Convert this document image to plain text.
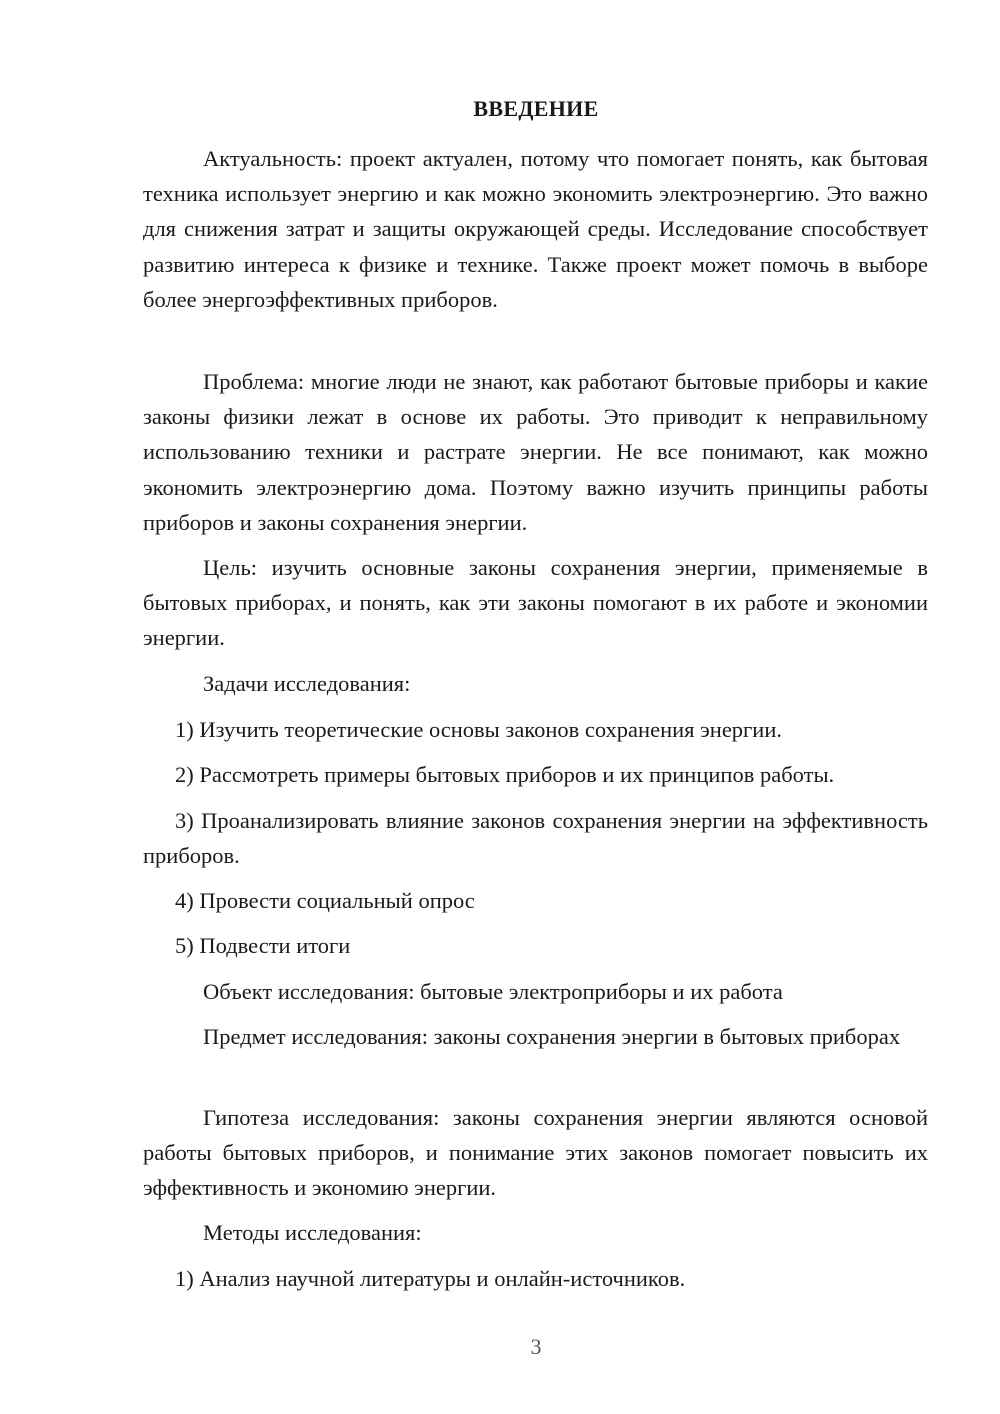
ВВЕДЕНИЕ

Актуальность: проект актуален, потому что помогает понять, как бытовая техника использует энергию и как можно экономить электроэнергию. Это важно для снижения затрат и защиты окружающей среды. Исследование способствует развитию интереса к физике и технике. Также проект может помочь в выборе более энергоэффективных приборов.

Проблема: многие люди не знают, как работают бытовые приборы и какие законы физики лежат в основе их работы. Это приводит к неправильному использованию техники и растрате энергии. Не все понимают, как можно экономить электроэнергию дома. Поэтому важно изучить принципы работы приборов и законы сохранения энергии.

Цель: изучить основные законы сохранения энергии, применяемые в бытовых приборах, и понять, как эти законы помогают в их работе и экономии энергии.

Задачи исследования:

1) Изучить теоретические основы законов сохранения энергии.

2) Рассмотреть примеры бытовых приборов и их принципов работы.

3) Проанализировать влияние законов сохранения энергии на эффективность приборов.

4) Провести социальный опрос

5) Подвести итоги

Объект исследования: бытовые электроприборы и их работа

Предмет исследования: законы сохранения энергии в бытовых приборах

Гипотеза исследования: законы сохранения энергии являются основой работы бытовых приборов, и понимание этих законов помогает повысить их эффективность и экономию энергии.

Методы исследования:

1) Анализ научной литературы и онлайн-источников.

3
